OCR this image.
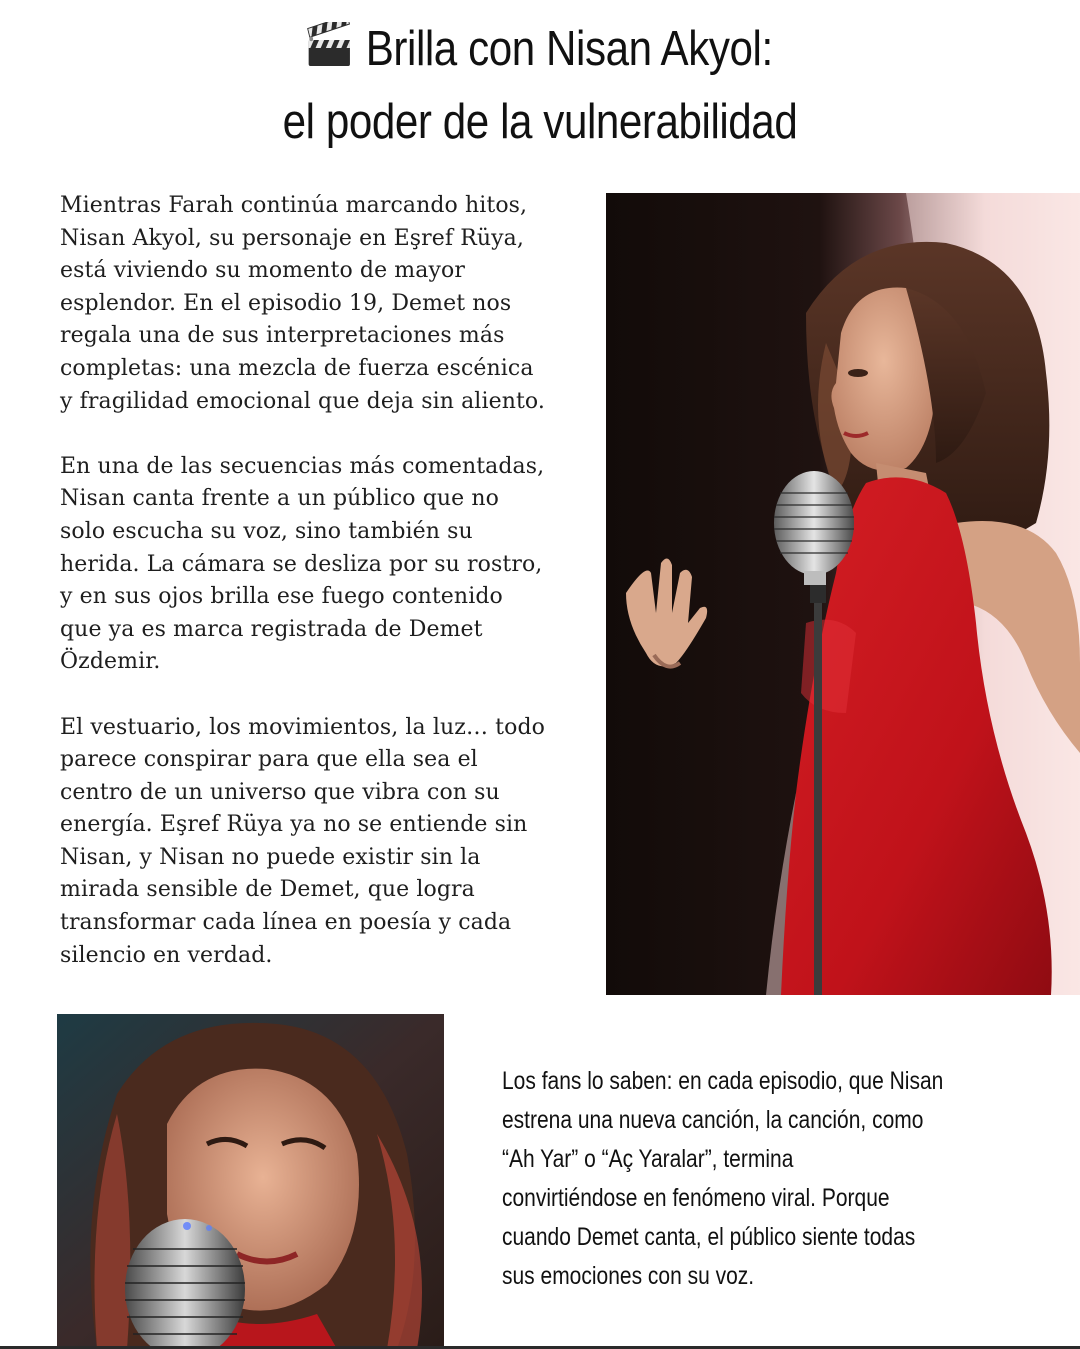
Brilla con Nisan Akyol:
el poder de la vulnerabilidad

Mientras Farah continúa marcando hitos,
Nisan Akyol, su personaje en Eşref Rüya,
está viviendo su momento de mayor
esplendor. En el episodio 19, Demet nos
regala una de sus interpretaciones más
completas: una mezcla de fuerza escénica
y fragilidad emocional que deja sin aliento.

En una de las secuencias más comentadas,
Nisan canta frente a un público que no
solo escucha su voz, sino también su
herida. La cámara se desliza por su rostro,
y en sus ojos brilla ese fuego contenido
que ya es marca registrada de Demet
Özdemir.

El vestuario, los movimientos, la luz… todo
parece conspirar para que ella sea el
centro de un universo que vibra con su
energía. Eşref Rüya ya no se entiende sin
Nisan, y Nisan no puede existir sin la
mirada sensible de Demet, que logra
transformar cada línea en poesía y cada
silencio en verdad.

Los fans lo saben: en cada episodio, que Nisan
estrena una nueva canción, la canción, como
“Ah Yar” o “Aç Yaralar”, termina
convirtiéndose en fenómeno viral. Porque
cuando Demet canta, el público siente todas
sus emociones con su voz.
